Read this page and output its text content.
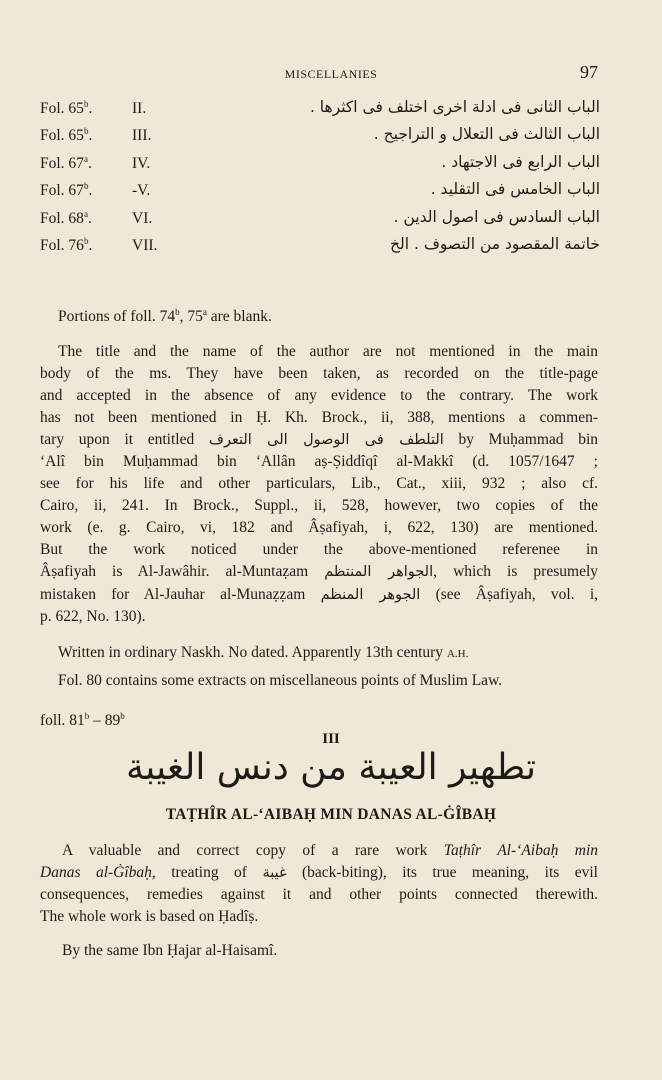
MISCELLANIES	97
Fol. 65$^b$.	II.	الباب الثانى فى ادلة اخرى اختلف فى اكثرها .
Fol. 65$^b$.	III.	الباب الثالث فى التعلال و التراجيح .
Fol. 67$^a$.	IV.	الباب الرابع فى الاجتهاد .
Fol. 67$^b$.	-V.	الباب الخامس فى التقليد .
Fol. 68$^a$.	VI.	الباب السادس فى اصول الدين .
Fol. 76$^b$.	VII.	خاتمة المقصود من التصوف . الخ
Portions of foll. 74$^b$, 75$^a$ are blank.
The title and the name of the author are not mentioned in the main
body of the ms. They have been taken, as recorded on the title-page
and accepted in the absence of any evidence to the contrary. The work
has not been mentioned in Ḥ. Kh. Brock., ii, 388, mentions a commen-
tary upon it entitled التلطف فى الوصول الى التعرف by Muḥammad bin
‘Alî bin Muḥammad bin ‘Allân aṣ-Ṣiddîqî al-Makkî (d. 1057/1647 ;
see for his life and other particulars, Lib., Cat., xiii, 932 ; also cf.
Cairo, ii, 241. In Brock., Suppl., ii, 528, however, two copies of the
work (e. g. Cairo, vi, 182 and Âṣafiyah, i, 622, 130) are mentioned.
But the work noticed under the above-mentioned referenee in
Âṣafiyah is Al-Jawâhir. al-Muntaẓam الجواهر المنتظم, which is presumely
mistaken for Al-Jauhar al-Munaẓẓam الجوهر المنظم (see Âṣafiyah, vol. i,
p. 622, No. 130).
Written in ordinary Naskh. No dated. Apparently 13th century A.H.
Fol. 80 contains some extracts on miscellaneous points of Muslim Law.
foll. 81$^b$ – 89$^b$
III
تطهير العيبة من دنس الغيبة
TAṬHÎR AL-‘AIBAḤ MIN DANAS AL-ĠÎBAḤ
A valuable and correct copy of a rare work Taṭhîr Al-‘Aibaḥ min
Danas al-Ġîbaḥ, treating of غيبة (back-biting), its true meaning, its evil
consequences, remedies against it and other points connected therewith.
The whole work is based on Ḥadîṣ.
By the same Ibn Ḥajar al-Haisamî.
